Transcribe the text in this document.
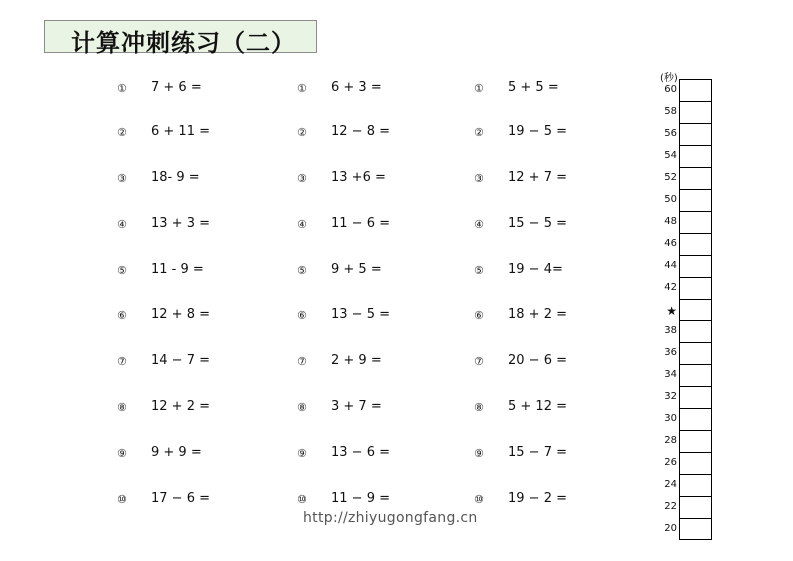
计算冲刺练习（二）
① 7 + 6 =
② 6 + 11 =
③ 18- 9 =
④ 13 + 3 =
⑤ 11 - 9 =
⑥ 12 + 8 =
⑦ 14 − 7 =
⑧ 12 + 2 =
⑨ 9 + 9 =
⑩ 17 − 6 =
① 6 + 3 =
② 12 − 8 =
③ 13 +6 =
④ 11 − 6 =
⑤ 9 + 5 =
⑥ 13 − 5 =
⑦ 2 + 9 =
⑧ 3 + 7 =
⑨ 13 − 6 =
⑩ 11 − 9 =
① 5 + 5 =
② 19 − 5 =
③ 12 + 7 =
④ 15 − 5 =
⑤ 19 − 4=
⑥ 18 + 2 =
⑦ 20 − 6 =
⑧ 5 + 12 =
⑨ 15 − 7 =
⑩ 19 − 2 =
http://zhiyugongfang.cn
(秒)
60
58
56
54
52
50
48
46
44
42
★
38
36
34
32
30
28
26
24
22
20
